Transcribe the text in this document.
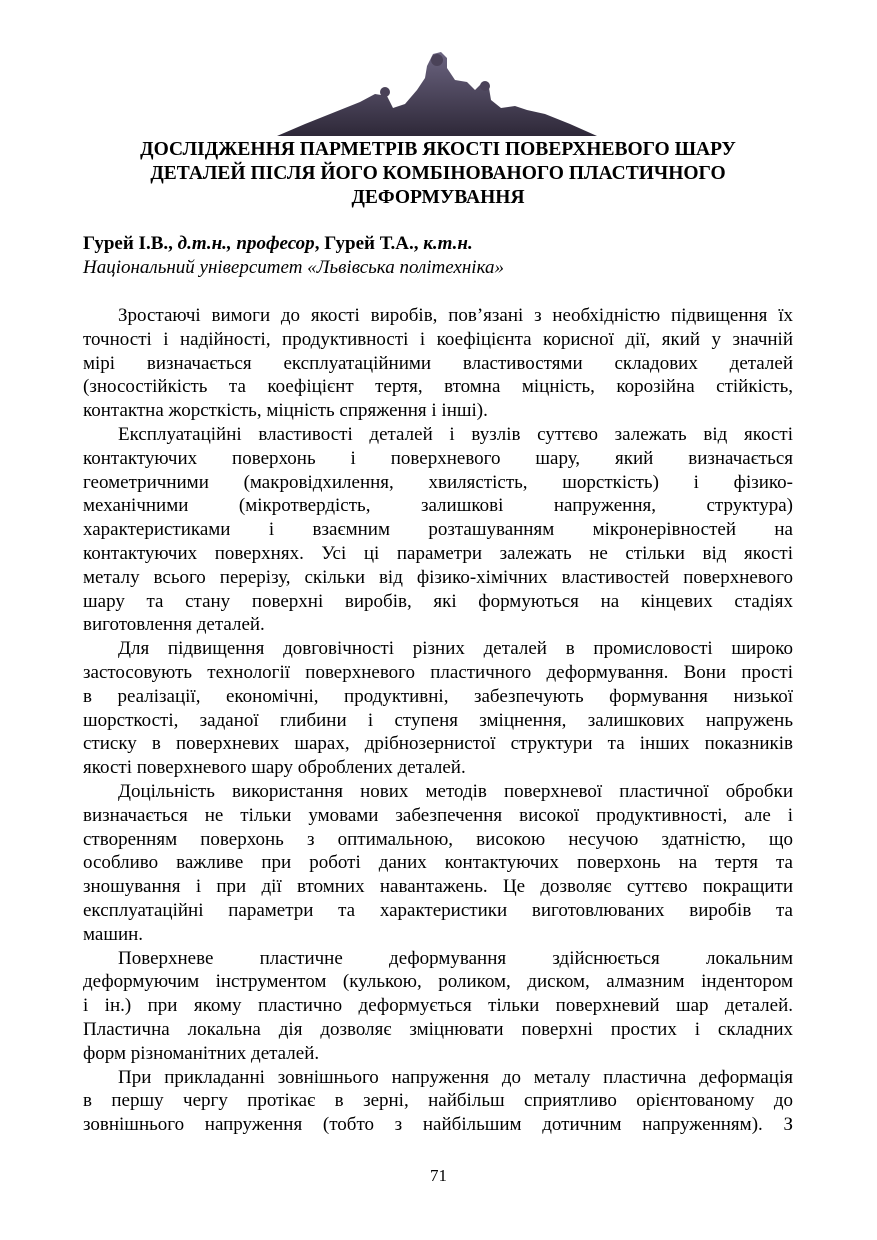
ДОСЛІДЖЕННЯ ПАРМЕТРІВ ЯКОСТІ ПОВЕРХНЕВОГО ШАРУ
ДЕТАЛЕЙ ПІСЛЯ ЙОГО КОМБІНОВАНОГО ПЛАСТИЧНОГО
ДЕФОРМУВАННЯ
Гурей І.В., д.т.н., професор, Гурей Т.А., к.т.н.
Національний університет «Львівська політехніка»
Зростаючі вимоги до якості виробів, пов’язані з необхідністю підвищення їх
точності і надійності, продуктивності і коефіцієнта корисної дії, який у значній
мірі визначається експлуатаційними властивостями складових деталей
(зносостійкість та коефіцієнт тертя, втомна міцність, корозійна стійкість,
контактна жорсткість, міцність спряження і інші).
Експлуатаційні властивості деталей і вузлів суттєво залежать від якості
контактуючих поверхонь і поверхневого шару, який визначається
геометричними (макровідхилення, хвилястість, шорсткість) і фізико-
механічними (мікротвердість, залишкові напруження, структура)
характеристиками і взаємним розташуванням мікронерівностей на
контактуючих поверхнях. Усі ці параметри залежать не стільки від якості
металу всього перерізу, скільки від фізико-хімічних властивостей поверхневого
шару та стану поверхні виробів, які формуються на кінцевих стадіях
виготовлення деталей.
Для підвищення довговічності різних деталей в промисловості широко
застосовують технології поверхневого пластичного деформування. Вони прості
в реалізації, економічні, продуктивні, забезпечують формування низької
шорсткості, заданої глибини і ступеня зміцнення, залишкових напружень
стиску в поверхневих шарах, дрібнозернистої структури та інших показників
якості поверхневого шару оброблених деталей.
Доцільність використання нових методів поверхневої пластичної обробки
визначається не тільки умовами забезпечення високої продуктивності, але і
створенням поверхонь з оптимальною, високою несучою здатністю, що
особливо важливе при роботі даних контактуючих поверхонь на тертя та
зношування і при дії втомних навантажень. Це дозволяє суттєво покращити
експлуатаційні параметри та характеристики виготовлюваних виробів та
машин.
Поверхневе пластичне деформування здійснюється локальним
деформуючим інструментом (кулькою, роликом, диском, алмазним індентором
і ін.) при якому пластично деформується тільки поверхневий шар деталей.
Пластична локальна дія дозволяє зміцнювати поверхні простих і складних
форм різноманітних деталей.
При прикладанні зовнішнього напруження до металу пластична деформація
в першу чергу протікає в зерні, найбільш сприятливо орієнтованому до
зовнішнього напруження (тобто з найбільшим дотичним напруженням). З
71
